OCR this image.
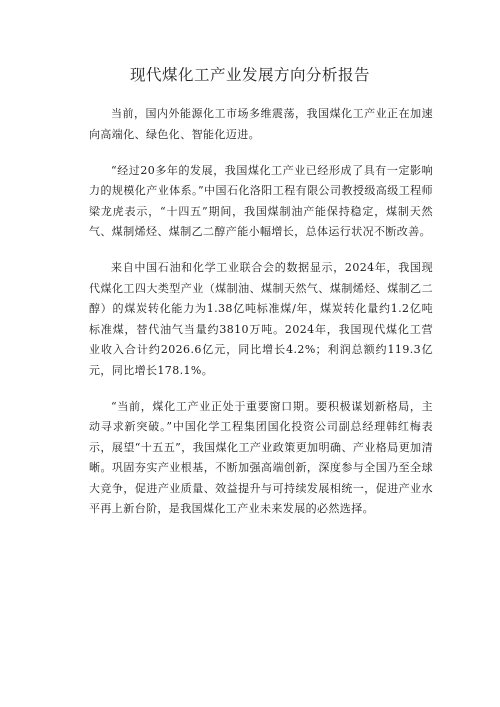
现代煤化工产业发展方向分析报告

当前，国内外能源化工市场多维震荡，我国煤化工产业正在加速向高端化、绿色化、智能化迈进。

“经过20多年的发展，我国煤化工产业已经形成了具有一定影响力的规模化产业体系。”中国石化洛阳工程有限公司教授级高级工程师梁龙虎表示，“十四五”期间，我国煤制油产能保持稳定，煤制天然气、煤制烯烃、煤制乙二醇产能小幅增长，总体运行状况不断改善。

来自中国石油和化学工业联合会的数据显示，2024年，我国现代煤化工四大类型产业（煤制油、煤制天然气、煤制烯烃、煤制乙二醇）的煤炭转化能力为1.38亿吨标准煤/年，煤炭转化量约1.2亿吨标准煤，替代油气当量约3810万吨。2024年，我国现代煤化工营业收入合计约2026.6亿元，同比增长4.2%；利润总额约119.3亿元，同比增长178.1%。

“当前，煤化工产业正处于重要窗口期。要积极谋划新格局，主动寻求新突破。”中国化学工程集团国化投资公司副总经理韩红梅表示，展望“十五五”，我国煤化工产业政策更加明确、产业格局更加清晰。巩固夯实产业根基，不断加强高端创新，深度参与全国乃至全球大竞争，促进产业质量、效益提升与可持续发展相统一，促进产业水平再上新台阶，是我国煤化工产业未来发展的必然选择。
